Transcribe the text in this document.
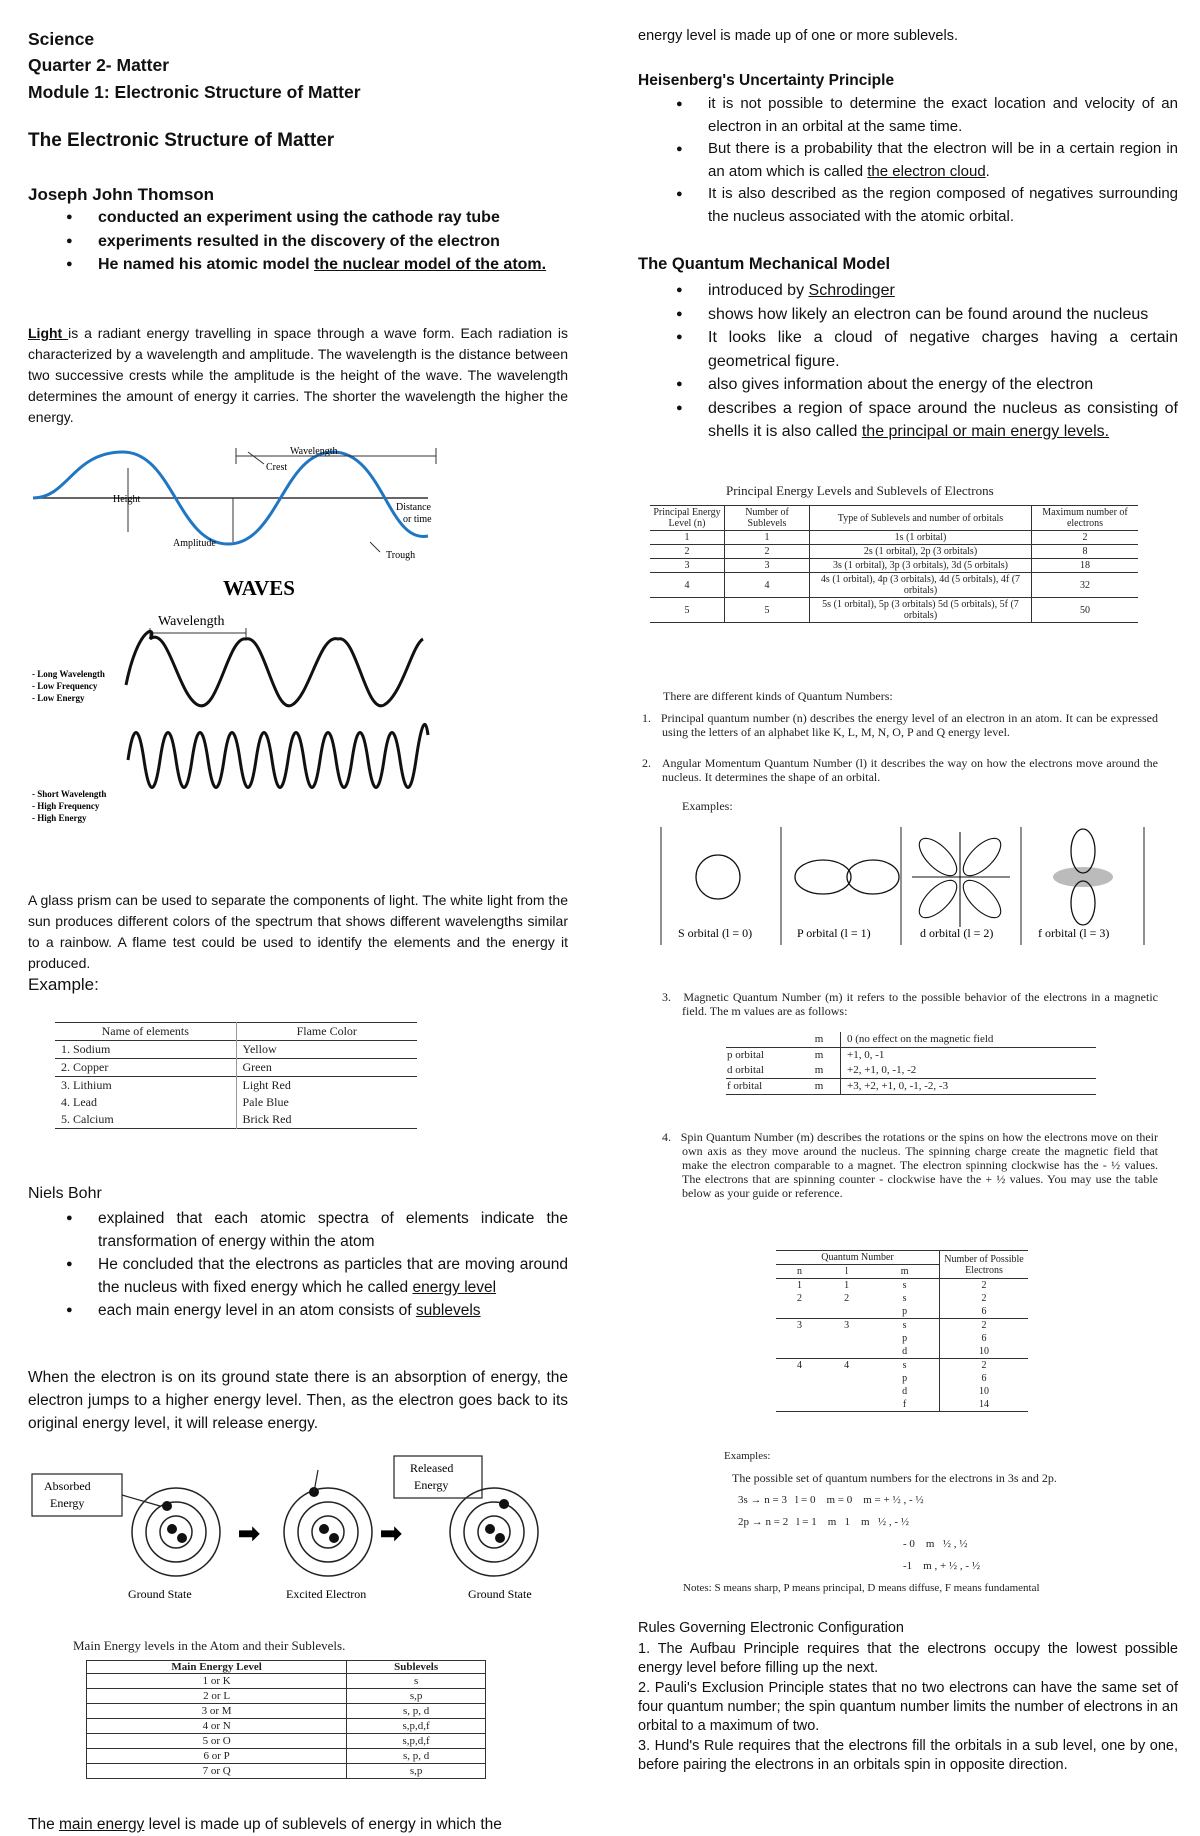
Science
Quarter 2- Matter
Module 1: Electronic Structure of Matter
The Electronic Structure of Matter
Joseph John Thomson
● conducted an experiment using the cathode ray tube
● experiments resulted in the discovery of the electron
● He named his atomic model the nuclear model of the atom.
Light is a radiant energy travelling in space through a wave form. Each radiation is characterized by a wavelength and amplitude. The wavelength is the distance between two successive crests while the amplitude is the height of the wave. The wavelength determines the amount of energy it carries. The shorter the wavelength the higher the energy.
Wavelength
Crest
Height
Distance
or time
Amplitude
Trough
WAVES
Wavelength
- Long Wavelength
- Low Frequency
- Low Energy
- Short Wavelength
- High Frequency
- High Energy
A glass prism can be used to separate the components of light. The white light from the sun produces different colors of the spectrum that shows different wavelengths similar to a rainbow. A flame test could be used to identify the elements and the energy it produced.
Example:
Name of elements	Flame Color
1. Sodium	Yellow
2. Copper	Green
3. Lithium	Light Red
4. Lead	Pale Blue
5. Calcium	Brick Red
Niels Bohr
● explained that each atomic spectra of elements indicate the transformation of energy within the atom
● He concluded that the electrons as particles that are moving around the nucleus with fixed energy which he called energy level
● each main energy level in an atom consists of sublevels
When the electron is on its ground state there is an absorption of energy, the electron jumps to a higher energy level. Then, as the electron goes back to its original energy level, it will release energy.
Absorbed
Energy
➡
Released
Energy
➡
Ground State	Excited Electron	Ground State
Main Energy levels in the Atom and their Sublevels.
Main Energy Level	Sublevels
1 or K	s
2 or L	s,p
3 or M	s, p, d
4 or N	s,p,d,f
5 or O	s,p,d,f
6 or P	s, p, d
7 or Q	s,p
The main energy level is made up of sublevels of energy in which the
energy level is made up of one or more sublevels.
Heisenberg's Uncertainty Principle
● it is not possible to determine the exact location and velocity of an electron in an orbital at the same time.
● But there is a probability that the electron will be in a certain region in an atom which is called the electron cloud.
● It is also described as the region composed of negatives surrounding the nucleus associated with the atomic orbital.
The Quantum Mechanical Model
● introduced by Schrodinger
● shows how likely an electron can be found around the nucleus
● It looks like a cloud of negative charges having a certain geometrical figure.
● also gives information about the energy of the electron
● describes a region of space around the nucleus as consisting of shells it is also called the principal or main energy levels.
Principal Energy Levels and Sublevels of Electrons
Principal Energy Level (n)	Number of Sublevels	Type of Sublevels and number of orbitals	Maximum number of electrons
1	1	1s (1 orbital)	2
2	2	2s (1 orbital), 2p (3 orbitals)	8
3	3	3s (1 orbital), 3p (3 orbitals), 3d (5 orbitals)	18
4	4	4s (1 orbital), 4p (3 orbitals), 4d (5 orbitals), 4f (7 orbitals)	32
5	5	5s (1 orbital), 5p (3 orbitals) 5d (5 orbitals), 5f (7 orbitals)	50
There are different kinds of Quantum Numbers:
1.   Principal quantum number (n) describes the energy level of an electron in an atom. It can be expressed using the letters of an alphabet like K, L, M, N, O, P and Q energy level.
2.   Angular Momentum Quantum Number (l) it describes the way on how the electrons move around the nucleus. It determines the shape of an orbital.
Examples:
S orbital (l = 0)	P orbital (l = 1)	d orbital (l = 2)	f orbital (l = 3)
3.   Magnetic Quantum Number (m) it refers to the possible behavior of the electrons in a magnetic field. The m values are as follows:
	m	0 (no effect on the magnetic field
p orbital	m	+1, 0, -1
d orbital	m	+2, +1, 0, -1, -2
f orbital	m	+3, +2, +1, 0, -1, -2, -3
4.   Spin Quantum Number (m) describes the rotations or the spins on how the electrons move on their own axis as they move around the nucleus. The spinning charge create the magnetic field that make the electron comparable to a magnet. The electron spinning clockwise has the - ½ values. The electrons that are spinning counter - clockwise have the + ½ values. You may use the table below as your guide or reference.
Quantum Number			Number of Possible Electrons
n	l	m	
1	1	s	2
2	2	s	2
		p	6
3	3	s	2
		p	6
		d	10
4	4	s	2
		p	6
		d	10
		f	14
Examples:
The possible set of quantum numbers for the electrons in 3s and 2p.
3s → n = 3   l = 0    m = 0    m = + ½ , - ½
2p → n = 2   l = 1    m   1    m   ½ , - ½
- 0    m   ½ , ½
-1    m , + ½ , - ½
Notes: S means sharp, P means principal, D means diffuse, F means fundamental
Rules Governing Electronic Configuration
1. The Aufbau Principle requires that the electrons occupy the lowest possible energy level before filling up the next.
2. Pauli's Exclusion Principle states that no two electrons can have the same set of four quantum number; the spin quantum number limits the number of electrons in an orbital to a maximum of two.
3. Hund's Rule requires that the electrons fill the orbitals in a sub level, one by one, before pairing the electrons in an orbitals spin in opposite direction.
